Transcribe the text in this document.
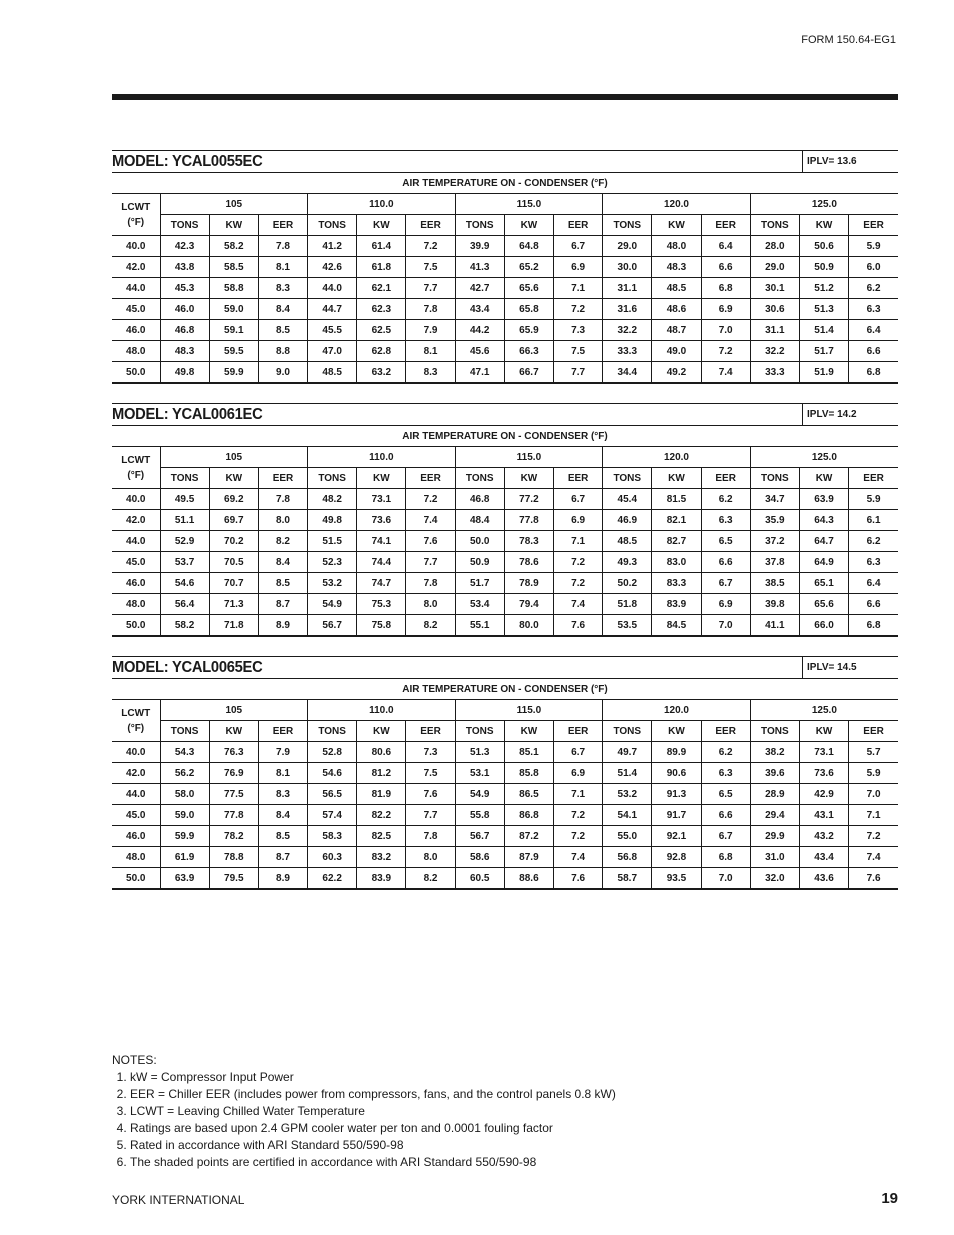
FORM 150.64-EG1
MODEL: YCAL0055EC	IPLV= 13.6
AIR TEMPERATURE ON - CONDENSER (°F)															

LCWT
(°F)	105			110.0			115.0			120.0			125.0		
	TONS	KW	EER	TONS	KW	EER	TONS	KW	EER	TONS	KW	EER	TONS	KW	EER
40.0	42.3	58.2	7.8	41.2	61.4	7.2	39.9	64.8	6.7	29.0	48.0	6.4	28.0	50.6	5.9
42.0	43.8	58.5	8.1	42.6	61.8	7.5	41.3	65.2	6.9	30.0	48.3	6.6	29.0	50.9	6.0
44.0	45.3	58.8	8.3	44.0	62.1	7.7	42.7	65.6	7.1	31.1	48.5	6.8	30.1	51.2	6.2
45.0	46.0	59.0	8.4	44.7	62.3	7.8	43.4	65.8	7.2	31.6	48.6	6.9	30.6	51.3	6.3
46.0	46.8	59.1	8.5	45.5	62.5	7.9	44.2	65.9	7.3	32.2	48.7	7.0	31.1	51.4	6.4
48.0	48.3	59.5	8.8	47.0	62.8	8.1	45.6	66.3	7.5	33.3	49.0	7.2	32.2	51.7	6.6
50.0	49.8	59.9	9.0	48.5	63.2	8.3	47.1	66.7	7.7	34.4	49.2	7.4	33.3	51.9	6.8
MODEL: YCAL0061EC	IPLV= 14.2
AIR TEMPERATURE ON - CONDENSER (°F)															

LCWT
(°F)	105			110.0			115.0			120.0			125.0		
	TONS	KW	EER	TONS	KW	EER	TONS	KW	EER	TONS	KW	EER	TONS	KW	EER
40.0	49.5	69.2	7.8	48.2	73.1	7.2	46.8	77.2	6.7	45.4	81.5	6.2	34.7	63.9	5.9
42.0	51.1	69.7	8.0	49.8	73.6	7.4	48.4	77.8	6.9	46.9	82.1	6.3	35.9	64.3	6.1
44.0	52.9	70.2	8.2	51.5	74.1	7.6	50.0	78.3	7.1	48.5	82.7	6.5	37.2	64.7	6.2
45.0	53.7	70.5	8.4	52.3	74.4	7.7	50.9	78.6	7.2	49.3	83.0	6.6	37.8	64.9	6.3
46.0	54.6	70.7	8.5	53.2	74.7	7.8	51.7	78.9	7.2	50.2	83.3	6.7	38.5	65.1	6.4
48.0	56.4	71.3	8.7	54.9	75.3	8.0	53.4	79.4	7.4	51.8	83.9	6.9	39.8	65.6	6.6
50.0	58.2	71.8	8.9	56.7	75.8	8.2	55.1	80.0	7.6	53.5	84.5	7.0	41.1	66.0	6.8
MODEL: YCAL0065EC	IPLV= 14.5
AIR TEMPERATURE ON - CONDENSER (°F)															

LCWT
(°F)	105			110.0			115.0			120.0			125.0		
	TONS	KW	EER	TONS	KW	EER	TONS	KW	EER	TONS	KW	EER	TONS	KW	EER
40.0	54.3	76.3	7.9	52.8	80.6	7.3	51.3	85.1	6.7	49.7	89.9	6.2	38.2	73.1	5.7
42.0	56.2	76.9	8.1	54.6	81.2	7.5	53.1	85.8	6.9	51.4	90.6	6.3	39.6	73.6	5.9
44.0	58.0	77.5	8.3	56.5	81.9	7.6	54.9	86.5	7.1	53.2	91.3	6.5	28.9	42.9	7.0
45.0	59.0	77.8	8.4	57.4	82.2	7.7	55.8	86.8	7.2	54.1	91.7	6.6	29.4	43.1	7.1
46.0	59.9	78.2	8.5	58.3	82.5	7.8	56.7	87.2	7.2	55.0	92.1	6.7	29.9	43.2	7.2
48.0	61.9	78.8	8.7	60.3	83.2	8.0	58.6	87.9	7.4	56.8	92.8	6.8	31.0	43.4	7.4
50.0	63.9	79.5	8.9	62.2	83.9	8.2	60.5	88.6	7.6	58.7	93.5	7.0	32.0	43.6	7.6
NOTES:
1. kW = Compressor Input Power
2. EER = Chiller EER (includes power from compressors, fans, and the control panels 0.8 kW)
3. LCWT = Leaving Chilled Water Temperature
4. Ratings are based upon 2.4 GPM cooler water per ton and 0.0001 fouling factor
5. Rated in accordance with ARI Standard 550/590-98
6. The shaded points are certified in accordance with ARI Standard 550/590-98
YORK INTERNATIONAL	19
